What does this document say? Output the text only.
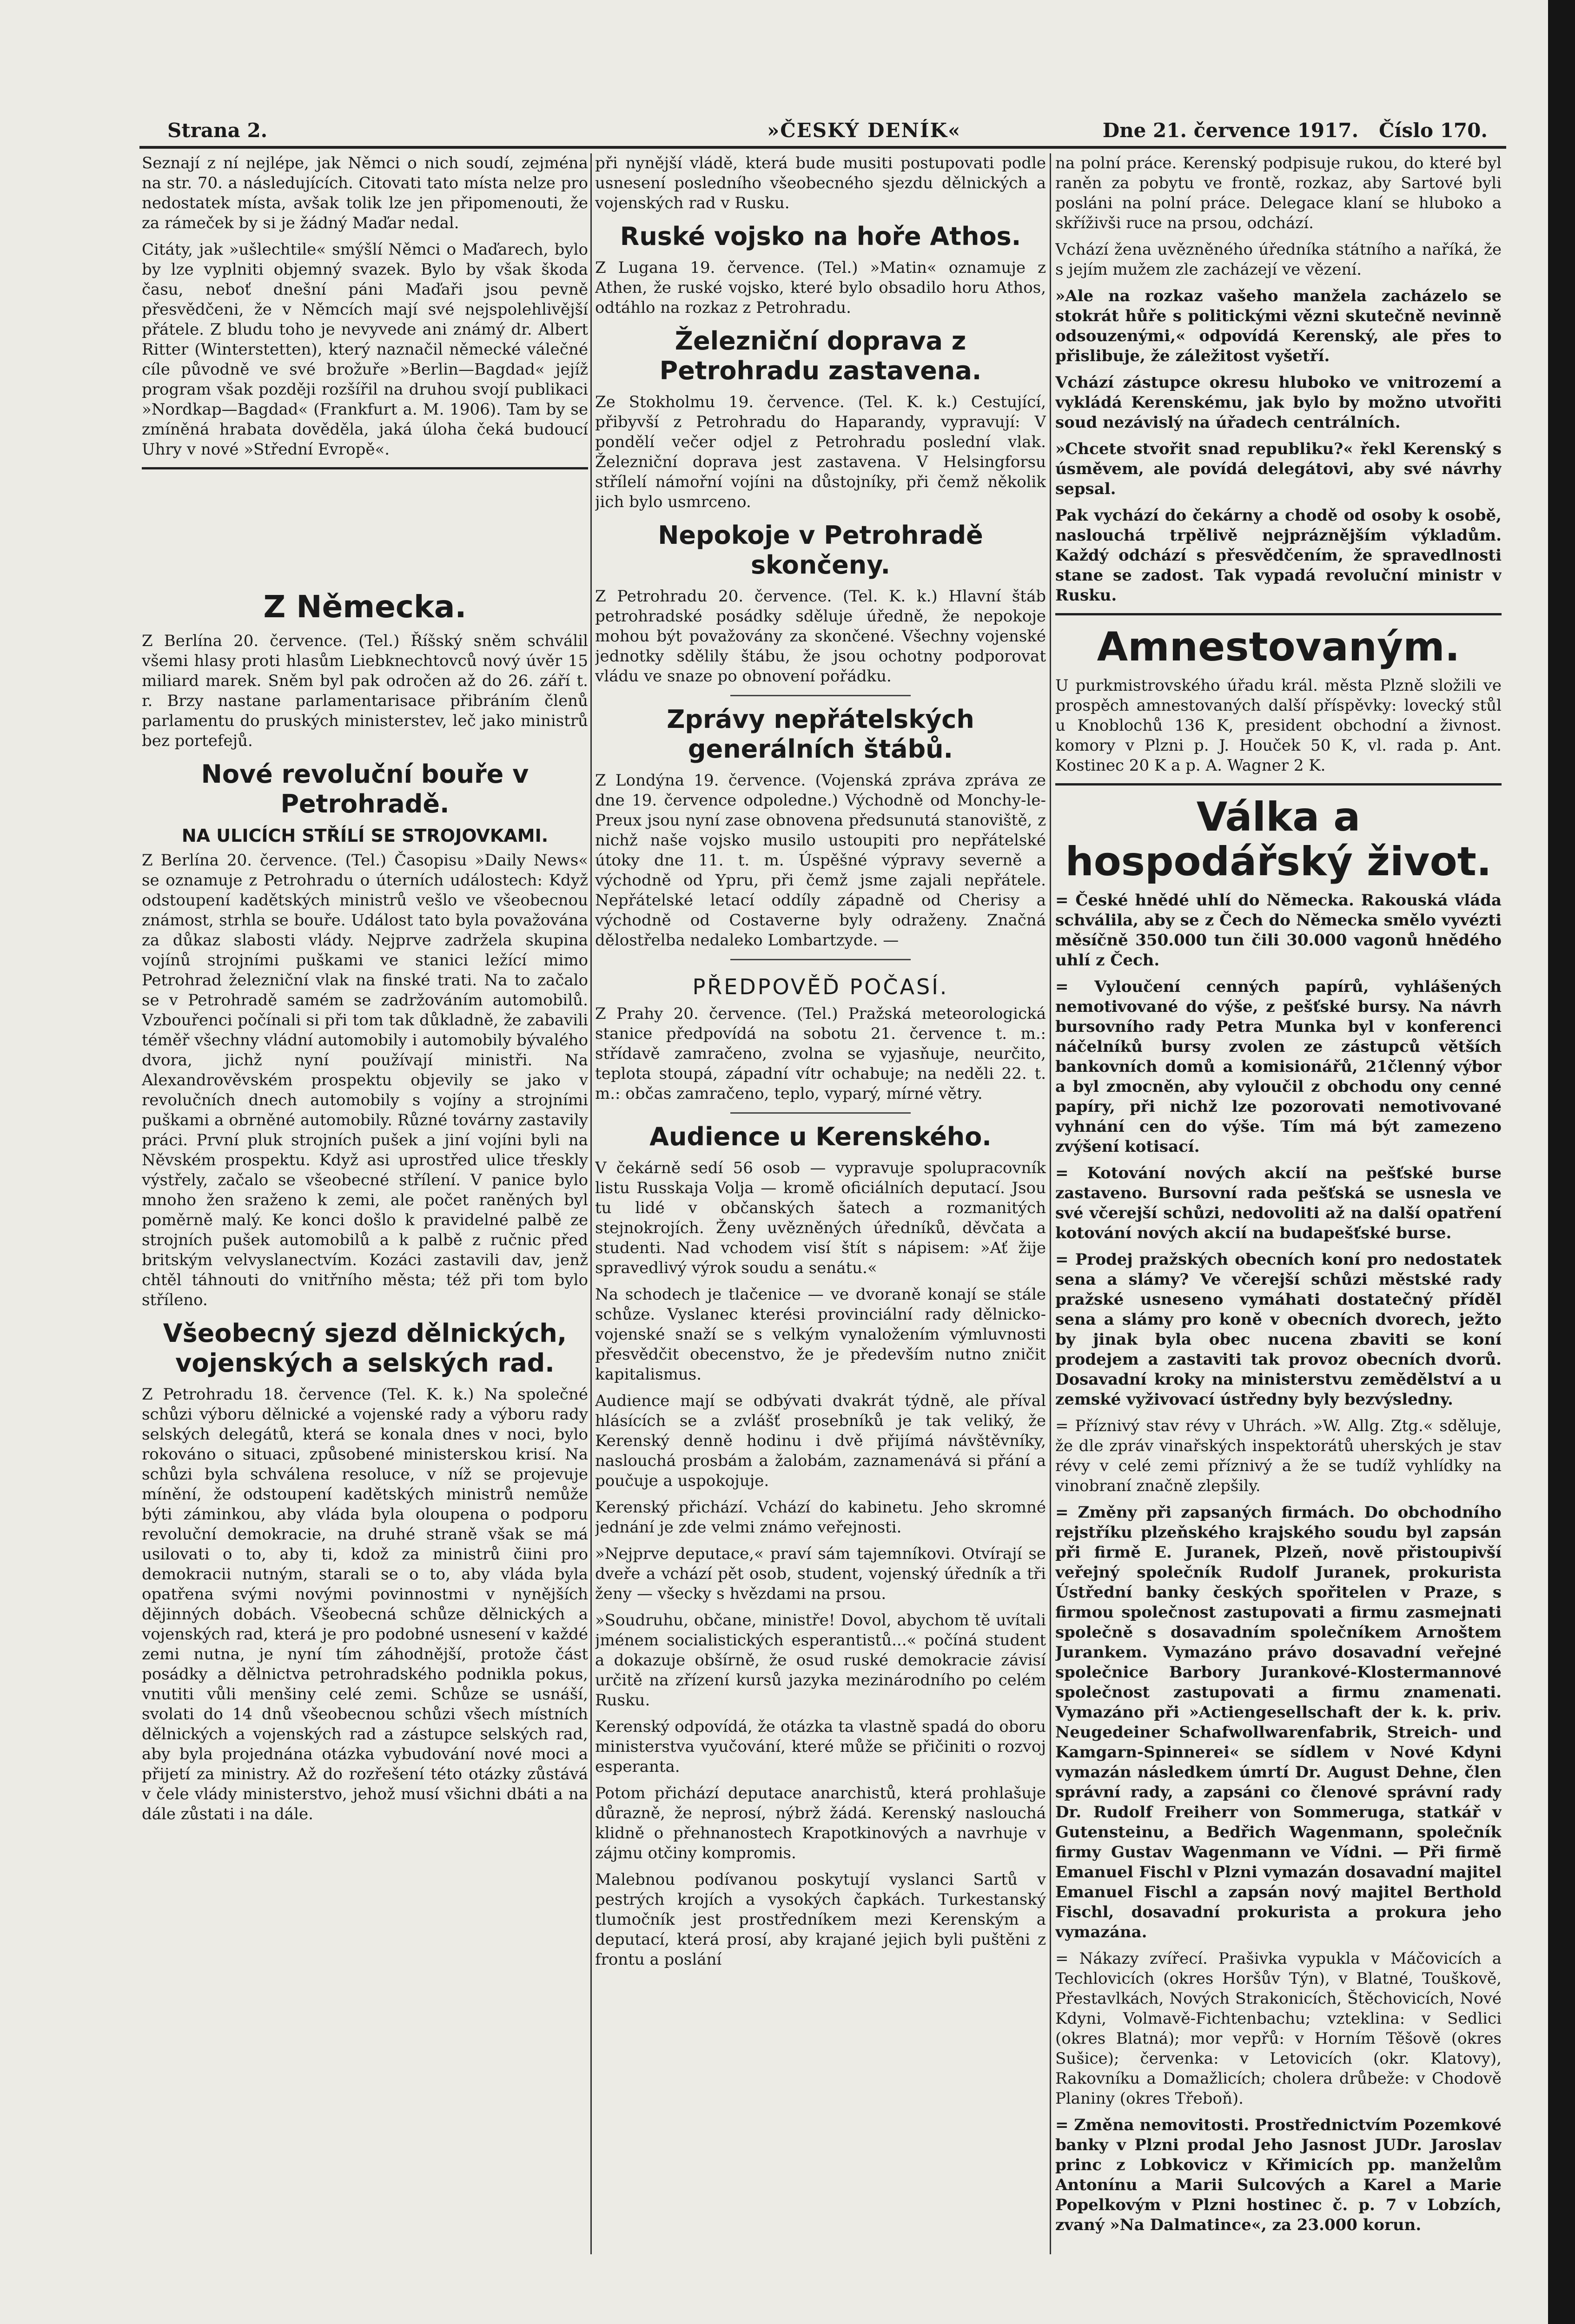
Strana 2.	»ČESKÝ DENÍK«	Dne 21. července 1917. Číslo 170.

Seznají z ní nejlépe, jak Němci o nich soudí, zejména na str. 70. a následujících. Citovati tato místa nelze pro nedostatek místa, avšak tolik lze jen připomenouti, že za rámeček by si je žádný Maďar nedal.

Citáty, jak »ušlechtile« smýšlí Němci o Maďarech, bylo by lze vyplniti objemný svazek. Bylo by však škoda času, neboť dnešní páni Maďaři jsou pevně přesvědčeni, že v Němcích mají své nejspolehlivější přátele. Z bludu toho je nevyvede ani známý dr. Albert Ritter (Winterstetten), který naznačil německé válečné cíle původně ve své brožuře »Berlin—Bagdad« jejíž program však později rozšířil na druhou svojí publikaci »Nordkap—Bagdad« (Frankfurt a. M. 1906). Tam by se zmíněná hrabata dověděla, jaká úloha čeká budoucí Uhry v nové »Střední Evropě«.

Z Německa.

Z Berlína 20. července. (Tel.) Říšský sněm schválil všemi hlasy proti hlasům Liebknechtovců nový úvěr 15 miliard marek. Sněm byl pak odročen až do 26. září t. r. Brzy nastane parlamentarisace přibráním členů parlamentu do pruských ministerstev, leč jako ministrů bez portefejů.

Nové revoluční bouře v Petrohradě.
NA ULICÍCH STŘÍLÍ SE STROJOVKAMI.

Z Berlína 20. července. (Tel.) Časopisu »Daily News« se oznamuje z Petrohradu o úterních událostech: Když odstoupení kadětských ministrů vešlo ve všeobecnou známost, strhla se bouře. Událost tato byla považována za důkaz slabosti vlády. Nejprve zadržela skupina vojínů strojními puškami ve stanici ležící mimo Petrohrad železniční vlak na finské trati. Na to začalo se v Petrohradě samém se zadržováním automobilů. Vzbouřenci počínali si při tom tak důkladně, že zabavili téměř všechny vládní automobily i automobily bývalého dvora, jichž nyní používají ministři. Na Alexandrověvském prospektu objevily se jako v revolučních dnech automobily s vojíny a strojními puškami a obrněné automobily. Různé továrny zastavily práci. První pluk strojních pušek a jiní vojíni byli na Něvském prospektu. Když asi uprostřed ulice třeskly výstřely, začalo se všeobecné střílení. V panice bylo mnoho žen sraženo k zemi, ale počet raněných byl poměrně malý. Ke konci došlo k pravidelné palbě ze strojních pušek automobilů a k palbě z ručnic před britským velvyslanectvím. Kozáci zastavili dav, jenž chtěl táhnouti do vnitřního města; též při tom bylo stříleno.

Všeobecný sjezd dělnických, vojenských a selských rad.

Z Petrohradu 18. července (Tel. K. k.) Na společné schůzi výboru dělnické a vojenské rady a výboru rady selských delegátů, která se konala dnes v noci, bylo rokováno o situaci, způsobené ministerskou krisí. Na schůzi byla schválena resoluce, v níž se projevuje mínění, že odstoupení kadětských ministrů nemůže býti záminkou, aby vláda byla oloupena o podporu revoluční demokracie, na druhé straně však se má usilovati o to, aby ti, kdož za ministrů čiini pro demokracii nutným, starali se o to, aby vláda byla opatřena svými novými povinnostmi v nynějších dějinných dobách. Všeobecná schůze dělnických a vojenských rad, která je pro podobné usnesení v každé zemi nutna, je nyní tím záhodnější, protože část posádky a dělnictva petrohradského podnikla pokus, vnutiti vůli menšiny celé zemi. Schůze se usnáší, svolati do 14 dnů všeobecnou schůzi všech místních dělnických a vojenských rad a zástupce selských rad, aby byla projednána otázka vybudování nové moci a přijetí za ministry. Až do rozřešení této otázky zůstává v čele vlády ministerstvo, jehož musí všichni dbáti a na dále zůstati i na dále.

při nynější vládě, která bude musiti postupovati podle usnesení posledního všeobecného sjezdu dělnických a vojenských rad v Rusku.

Ruské vojsko na hoře Athos.

Z Lugana 19. července. (Tel.) »Matin« oznamuje z Athen, že ruské vojsko, které bylo obsadilo horu Athos, odtáhlo na rozkaz z Petrohradu.

Železniční doprava z Petrohradu zastavena.

Ze Stokholmu 19. července. (Tel. K. k.) Cestující, přibyvší z Petrohradu do Haparandy, vypravují: V pondělí večer odjel z Petrohradu poslední vlak. Železniční doprava jest zastavena. V Helsingforsu střílelí námořní vojíni na důstojníky, při čemž několik jich bylo usmrceno.

Nepokoje v Petrohradě skončeny.

Z Petrohradu 20. července. (Tel. K. k.) Hlavní štáb petrohradské posádky sděluje úředně, že nepokoje mohou být považovány za skončené. Všechny vojenské jednotky sdělily štábu, že jsou ochotny podporovat vládu ve snaze po obnovení pořádku.

Zprávy nepřátelských generálních štábů.

Z Londýna 19. července. (Vojenská zpráva zpráva ze dne 19. července odpoledne.) Východně od Monchy-le-Preux jsou nyní zase obnovena předsunutá stanoviště, z nichž naše vojsko musilo ustoupiti pro nepřátelské útoky dne 11. t. m. Úspěšné výpravy severně a východně od Ypru, při čemž jsme zajali nepřátele. Nepřátelské letací oddíly západně od Cherisy a východně od Costaverne byly odraženy. Značná dělostřelba nedaleko Lombartzyde. —

PŘEDPOVĚĎ POČASÍ.

Z Prahy 20. července. (Tel.) Pražská meteorologická stanice předpovídá na sobotu 21. července t. m.: střídavě zamračeno, zvolna se vyjasňuje, neurčito, teplota stoupá, západní vítr ochabuje; na neděli 22. t. m.: občas zamračeno, teplo, vyparý, mírné větry.

Audience u Kerenského.

V čekárně sedí 56 osob — vypravuje spolupracovník listu Russkaja Volja — kromě oficiálních deputací. Jsou tu lidé v občanských šatech a rozmanitých stejnokrojích. Ženy uvězněných úředníků, děvčata a studenti. Nad vchodem visí štít s nápisem: »Ať žije spravedlivý výrok soudu a senátu.«

Na schodech je tlačenice — ve dvoraně konají se stále schůze. Vyslanec kterési provinciální rady dělnicko-vojenské snaží se s velkým vynaložením výmluvnosti přesvědčit obecenstvo, že je především nutno zničit kapitalismus.

Audience mají se odbývati dvakrát týdně, ale příval hlásících se a zvlášť prosebníků je tak veliký, že Kerenský denně hodinu i dvě přijímá návštěvníky, naslouchá prosbám a žalobám, zaznamenává si přání a poučuje a uspokojuje.

Kerenský přichází. Vchází do kabinetu. Jeho skromné jednání je zde velmi známo veřejnosti.

»Nejprve deputace,« praví sám tajemníkovi. Otvírají se dveře a vchází pět osob, student, vojenský úředník a tři ženy — všecky s hvězdami na prsou.

»Soudruhu, občane, ministře! Dovol, abychom tě uvítali jménem socialistických esperantistů...« počíná student a dokazuje obšírně, že osud ruské demokracie závisí určitě na zřízení kursů jazyka mezinárodního po celém Rusku.

Kerenský odpovídá, že otázka ta vlastně spadá do oboru ministerstva vyučování, které může se přičiniti o rozvoj esperanta.

Potom přichází deputace anarchistů, která prohlašuje důrazně, že neprosí, nýbrž žádá. Kerenský naslouchá klidně o přehnanostech Krapotkinových a navrhuje v zájmu otčiny kompromis.

Malebnou podívanou poskytují vyslanci Sartů v pestrých krojích a vysokých čapkách. Turkestanský tlumočník jest prostředníkem mezi Kerenským a deputací, která prosí, aby krajané jejich byli puštěni z frontu a poslání

na polní práce. Kerenský podpisuje rukou, do které byl raněn za pobytu ve frontě, rozkaz, aby Sartové byli posláni na polní práce. Delegace klaní se hluboko a skříživši ruce na prsou, odchází.

Vchází žena uvězněného úředníka státního a naříká, že s jejím mužem zle zacházejí ve vězení.

»Ale na rozkaz vašeho manžela zacházelo se stokrát hůře s politickými vězni skutečně nevinně odsouzenými,« odpovídá Kerenský, ale přes to přislibuje, že záležitost vyšetří.

Vchází zástupce okresu hluboko ve vnitrozemí a vykládá Kerenskému, jak bylo by možno utvořiti soud nezávislý na úřadech centrálních.

»Chcete stvořit snad republiku?« řekl Kerenský s úsměvem, ale povídá delegátovi, aby své návrhy sepsal.

Pak vychází do čekárny a chodě od osoby k osobě, naslouchá trpělivě nejpráznějším výkladům. Každý odchází s přesvědčením, že spravedlnosti stane se zadost. Tak vypadá revoluční ministr v Rusku.

Amnestovaným.

U purkmistrovského úřadu král. města Plzně složili ve prospěch amnestovaných další příspěvky: lovecký stůl u Knoblochů 136 K, president obchodní a živnost. komory v Plzni p. J. Houček 50 K, vl. rada p. Ant. Kostinec 20 K a p. A. Wagner 2 K.

Válka a hospodářský život.

= České hnědé uhlí do Německa. Rakouská vláda schválila, aby se z Čech do Německa smělo vyvézti měsíčně 350.000 tun čili 30.000 vagonů hnědého uhlí z Čech.

= Vyloučení cenných papírů, vyhlášených nemotivované do výše, z pešťské bursy. Na návrh bursovního rady Petra Munka byl v konferenci náčelníků bursy zvolen ze zástupců větších bankovních domů a komisionářů, 21členný výbor a byl zmocněn, aby vyloučil z obchodu ony cenné papíry, při nichž lze pozorovati nemotivované vyhnání cen do výše. Tím má být zamezeno zvýšení kotisací.

= Kotování nových akcií na pešťské burse zastaveno. Bursovní rada pešťská se usnesla ve své včerejší schůzi, nedovoliti až na další opatření kotování nových akcií na budapešťské burse.

= Prodej pražských obecních koní pro nedostatek sena a slámy? Ve včerejší schůzi městské rady pražské usneseno vymáhati dostatečný příděl sena a slámy pro koně v obecních dvorech, ježto by jinak byla obec nucena zbaviti se koní prodejem a zastaviti tak provoz obecních dvorů. Dosavadní kroky na ministerstvu zemědělství a u zemské vyživovací ústředny byly bezvýsledny.

= Příznivý stav révy v Uhrách. »W. Allg. Ztg.« sděluje, že dle zpráv vinařských inspektorátů uherských je stav révy v celé zemi příznivý a že se tudíž vyhlídky na vinobraní značně zlepšily.

= Změny při zapsaných firmách. Do obchodního rejstříku plzeňského krajského soudu byl zapsán při firmě E. Juranek, Plzeň, nově přistoupivší veřejný společník Rudolf Juranek, prokurista Ústřední banky českých spořitelen v Praze, s firmou společnost zastupovati a firmu zasmejnati společně s dosavadním společníkem Arnoštem Jurankem. Vymazáno právo dosavadní veřejné společnice Barbory Jurankové-Klostermannové společnost zastupovati a firmu znamenati. Vymazáno při »Actiengesellschaft der k. k. priv. Neugedeiner Schafwollwarenfabrik, Streich- und Kamgarn-Spinnerei« se sídlem v Nové Kdyni vymazán následkem úmrtí Dr. August Dehne, člen správní rady, a zapsáni co členové správní rady Dr. Rudolf Freiherr von Sommeruga, statkář v Gutensteinu, a Bedřich Wagenmann, společník firmy Gustav Wagenmann ve Vídni. — Při firmě Emanuel Fischl v Plzni vymazán dosavadní majitel Emanuel Fischl a zapsán nový majitel Berthold Fischl, dosavadní prokurista a prokura jeho vymazána.

= Nákazy zvířecí. Prašivka vypukla v Máčovicích a Techlovicích (okres Horšův Týn), v Blatné, Touškově, Přestavlkách, Nových Strakonicích, Štěchovicích, Nové Kdyni, Volmavě-Fichtenbachu; vzteklina: v Sedlici (okres Blatná); mor vepřů: v Horním Těšově (okres Sušice); červenka: v Letovicích (okr. Klatovy), Rakovníku a Domažlicích; cholera drůbeže: v Chodově Planiny (okres Třeboň).

= Změna nemovitosti. Prostřednictvím Pozemkové banky v Plzni prodal Jeho Jasnost JUDr. Jaroslav princ z Lobkovicz v Křimicích pp. manželům Antonínu a Marii Sulcových a Karel a Marie Popelkovým v Plzni hostinec č. p. 7 v Lobzích, zvaný »Na Dalmatince«, za 23.000 korun.
